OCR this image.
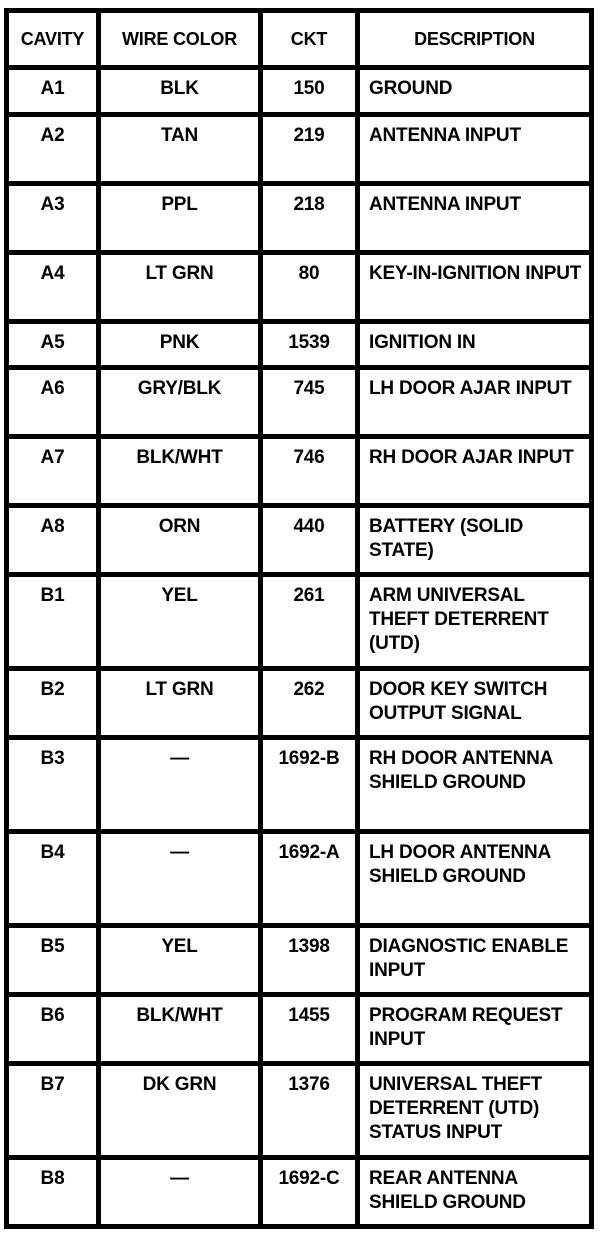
CAVITY	WIRE COLOR	CKT	DESCRIPTION
A1	BLK	150	GROUND
A2	TAN	219	ANTENNA INPUT
A3	PPL	218	ANTENNA INPUT
A4	LT GRN	80	KEY-IN-IGNITION INPUT
A5	PNK	1539	IGNITION IN
A6	GRY/BLK	745	LH DOOR AJAR INPUT
A7	BLK/WHT	746	RH DOOR AJAR INPUT
A8	ORN	440	BATTERY (SOLID STATE)
B1	YEL	261	ARM UNIVERSAL THEFT DETERRENT (UTD)
B2	LT GRN	262	DOOR KEY SWITCH OUTPUT SIGNAL
B3	—	1692-B	RH DOOR ANTENNA SHIELD GROUND
B4	—	1692-A	LH DOOR ANTENNA SHIELD GROUND
B5	YEL	1398	DIAGNOSTIC ENABLE INPUT
B6	BLK/WHT	1455	PROGRAM REQUEST INPUT
B7	DK GRN	1376	UNIVERSAL THEFT DETERRENT (UTD) STATUS INPUT
B8	—	1692-C	REAR ANTENNA SHIELD GROUND
